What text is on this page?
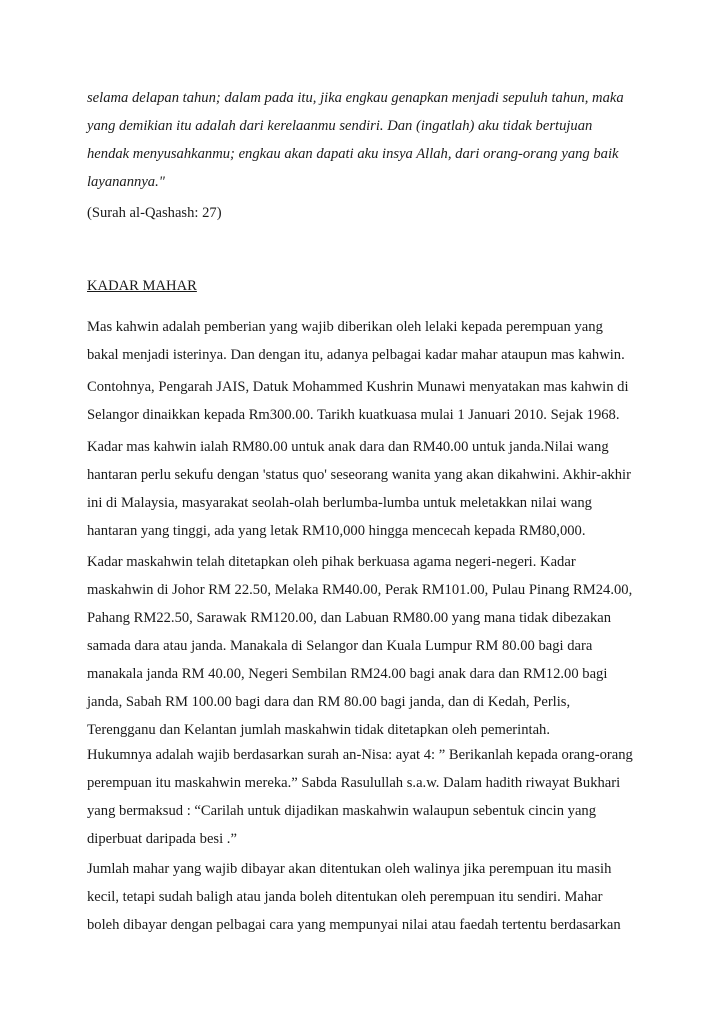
selama delapan tahun; dalam pada itu, jika engkau genapkan menjadi sepuluh tahun, maka
yang demikian itu adalah dari kerelaanmu sendiri. Dan (ingatlah) aku tidak bertujuan
hendak menyusahkanmu; engkau akan dapati aku insya Allah, dari orang-orang yang baik
layanannya."
(Surah al-Qashash: 27)
KADAR MAHAR
Mas kahwin adalah pemberian yang wajib diberikan oleh lelaki kepada perempuan yang
bakal menjadi isterinya. Dan dengan itu, adanya pelbagai kadar mahar ataupun mas kahwin.
Contohnya, Pengarah JAIS, Datuk Mohammed Kushrin Munawi menyatakan mas kahwin di
Selangor dinaikkan kepada Rm300.00. Tarikh kuatkuasa mulai 1 Januari 2010. Sejak 1968.
Kadar mas kahwin ialah RM80.00 untuk anak dara dan RM40.00 untuk janda.Nilai wang
hantaran perlu sekufu dengan 'status quo' seseorang wanita yang akan dikahwini. Akhir-akhir
ini di Malaysia, masyarakat seolah-olah berlumba-lumba untuk meletakkan nilai wang
hantaran yang tinggi, ada yang letak RM10,000 hingga mencecah kepada RM80,000.
Kadar maskahwin telah ditetapkan oleh pihak berkuasa agama negeri-negeri. Kadar
maskahwin di Johor RM 22.50, Melaka RM40.00, Perak RM101.00, Pulau Pinang RM24.00,
Pahang RM22.50, Sarawak RM120.00, dan Labuan RM80.00 yang mana tidak dibezakan
samada dara atau janda. Manakala di Selangor dan Kuala Lumpur RM 80.00 bagi dara
manakala janda RM 40.00, Negeri Sembilan RM24.00 bagi anak dara dan RM12.00 bagi
janda, Sabah RM 100.00 bagi dara dan RM 80.00 bagi janda, dan di Kedah, Perlis,
Terengganu dan Kelantan jumlah maskahwin tidak ditetapkan oleh pemerintah.
Hukumnya adalah wajib berdasarkan surah an-Nisa: ayat 4: ” Berikanlah kepada orang-orang
perempuan itu maskahwin mereka.” Sabda Rasulullah s.a.w. Dalam hadith riwayat Bukhari
yang bermaksud : “Carilah untuk dijadikan maskahwin walaupun sebentuk cincin yang
diperbuat daripada besi .”
Jumlah mahar yang wajib dibayar akan ditentukan oleh walinya jika perempuan itu masih
kecil, tetapi sudah baligh atau janda boleh ditentukan oleh perempuan itu sendiri. Mahar
boleh dibayar dengan pelbagai cara yang mempunyai nilai atau faedah tertentu berdasarkan
